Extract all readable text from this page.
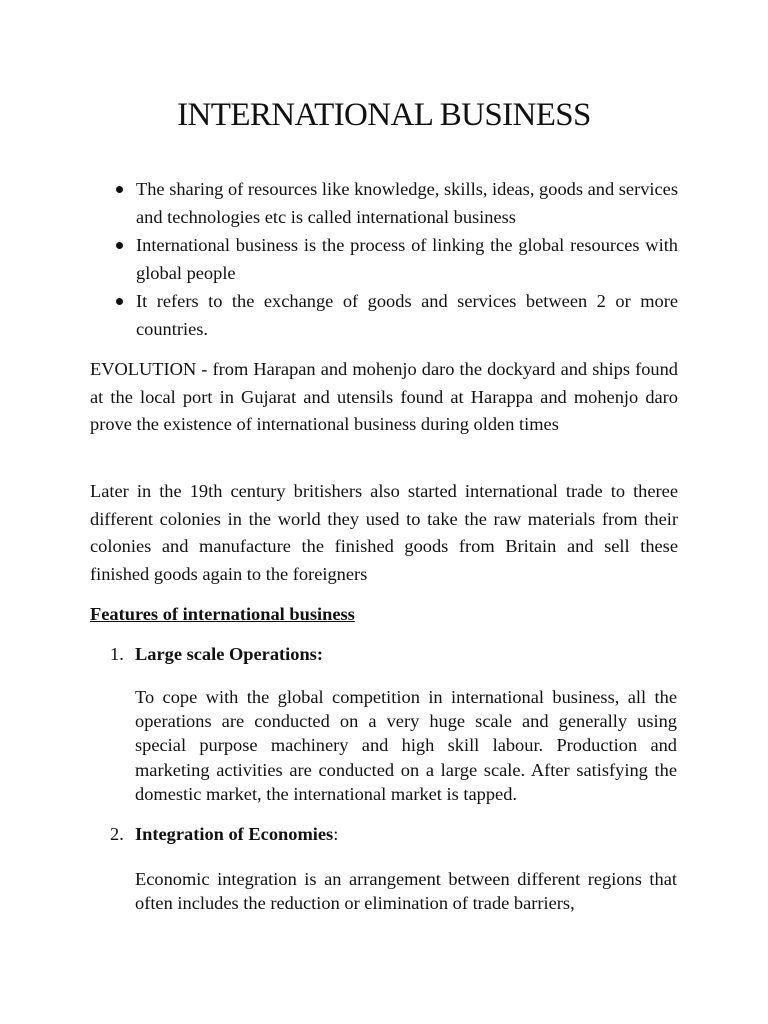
INTERNATIONAL BUSINESS
The sharing of resources like knowledge, skills, ideas, goods and services and technologies etc is called international business
International business is the process of linking the global resources with global people
It refers to the exchange of goods and services between 2 or more countries.

EVOLUTION - from Harapan and mohenjo daro the dockyard and ships found at the local port in Gujarat and utensils found at Harappa and mohenjo daro prove the existence of international business during olden times

Later in the 19th century britishers also started international trade to theree different colonies in the world they used to take the raw materials from their colonies and manufacture the finished goods from Britain and sell these finished goods again to the foreigners

Features of international business

1. Large scale Operations:

To cope with the global competition in international business, all the operations are conducted on a very huge scale and generally using special purpose machinery and high skill labour. Production and marketing activities are conducted on a large scale. After satisfying the domestic market, the international market is tapped.

2. Integration of Economies:

Economic integration is an arrangement between different regions that often includes the reduction or elimination of trade barriers,
